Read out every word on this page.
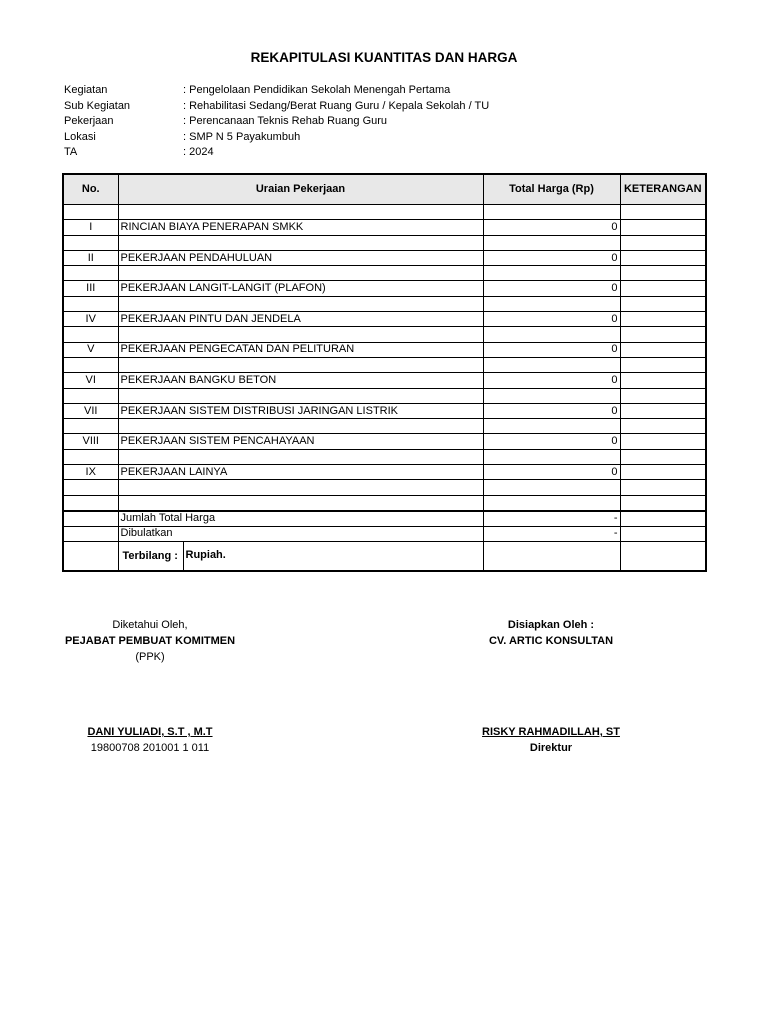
REKAPITULASI KUANTITAS DAN HARGA
Kegiatan	: Pengelolaan Pendidikan Sekolah Menengah Pertama
Sub Kegiatan	: Rehabilitasi Sedang/Berat Ruang Guru / Kepala Sekolah / TU
Pekerjaan	: Perencanaan Teknis Rehab Ruang Guru
Lokasi	: SMP N 5 Payakumbuh
TA	: 2024
No.	Uraian Pekerjaan	Total Harga (Rp)	KETERANGAN

I	RINCIAN BIAYA PENERAPAN SMKK	0	

II	PEKERJAAN PENDAHULUAN	0	

III	PEKERJAAN LANGIT-LANGIT (PLAFON)	0	

IV	PEKERJAAN PINTU DAN JENDELA	0	

V	PEKERJAAN PENGECATAN DAN PELITURAN	0	

VI	PEKERJAAN BANGKU BETON	0	

VII	PEKERJAAN SISTEM DISTRIBUSI JARINGAN LISTRIK	0	

VIII	PEKERJAAN SISTEM PENCAHAYAAN	0	

IX	PEKERJAAN LAINYA	0	

	Jumlah Total Harga	-	
	Dibulatkan	-	

	Terbilang : Rupiah.		

Diketahui Oleh,
PEJABAT PEMBUAT KOMITMEN
(PPK)
DANI YULIADI, S.T , M.T
19800708 201001 1 011
Disiapkan Oleh :
CV. ARTIC KONSULTAN
RISKY RAHMADILLAH, ST
Direktur
